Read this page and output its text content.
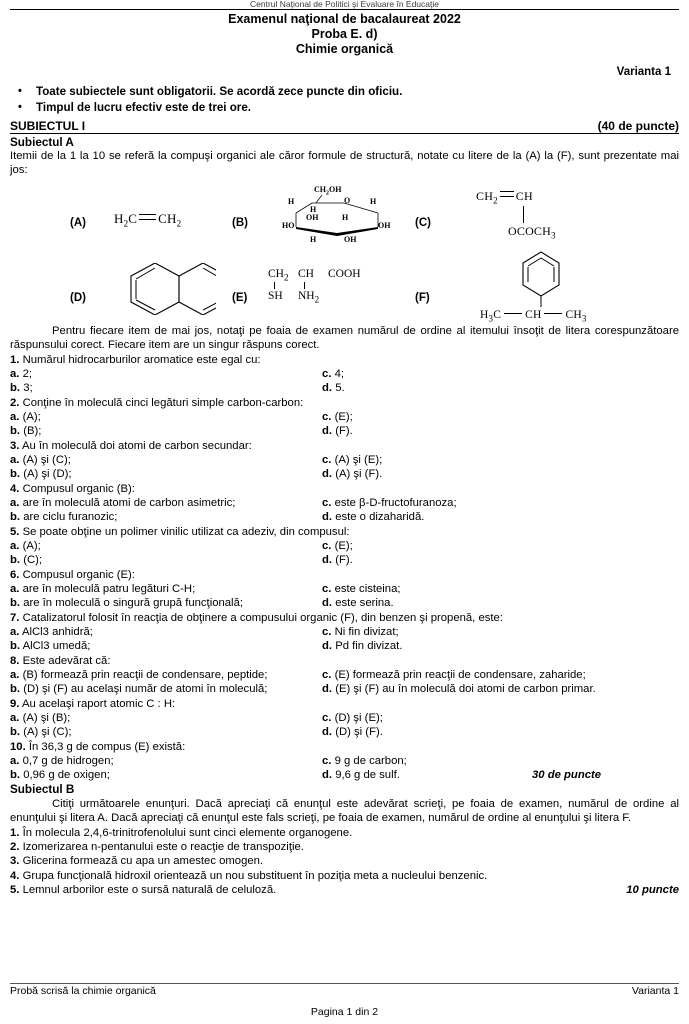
Centrul Naţional de Politici şi Evaluare în Educaţie
Examenul naţional de bacalaureat 2022
Proba E. d)
Chimie organică
Varianta 1
• Toate subiectele sunt obligatorii. Se acordă zece puncte din oficiu.
• Timpul de lucru efectiv este de trei ore.
SUBIECTUL I	(40 de puncte)
Subiectul A
Itemii de la 1 la 10 se referă la compuşi organici ale căror formule de structură, notate cu litere de la (A) la (F), sunt prezentate mai jos:
(A) $H_2C$ $CH_2$	(B)
$CH_2OH$
O
H	H
H
OH	H
HO	OH
H	OH
(C)
$CH_2$ CH
$OCOCH_3$
(D)	(E)
$CH_2$ CH COOH
SH $NH_2$	(F)
$H_3C$ CH $CH_3$
Pentru fiecare item de mai jos, notaţi pe foaia de examen numărul de ordine al itemului însoţit de litera corespunzătoare răspunsului corect. Fiecare item are un singur răspuns corect.
1. Numărul hidrocarburilor aromatice este egal cu:
a. 2;	c. 4;
b. 3;	d. 5.
2. Conţine în moleculă cinci legături simple carbon-carbon:
a. (A);	c. (E);
b. (B);	d. (F).
3. Au în moleculă doi atomi de carbon secundar:
a. (A) şi (C);	c. (A) şi (E);
b. (A) şi (D);	d. (A) şi (F).
4. Compusul organic (B):
a. are în moleculă atomi de carbon asimetric;	c. este β-D-fructofuranoza;
b. are ciclu furanozic;	d. este o dizaharidă.
5. Se poate obţine un polimer vinilic utilizat ca adeziv, din compusul:
a. (A);	c. (E);
b. (C);	d. (F).
6. Compusul organic (E):
a. are în moleculă patru legături C-H;	c. este cisteina;
b. are în moleculă o singură grupă funcţională;	d. este serina.
7. Catalizatorul folosit în reacţia de obţinere a compusului organic (F), din benzen şi propenă, este:
a. AlCl3 anhidră;	c. Ni fin divizat;
b. AlCl3 umedă;	d. Pd fin divizat.
8. Este adevărat că:
a. (B) formează prin reacţii de condensare, peptide;	c. (E) formează prin reacţii de condensare, zaharide;
b. (D) şi (F) au acelaşi număr de atomi în moleculă;	d. (E) şi (F) au în moleculă doi atomi de carbon primar.
9. Au acelaşi raport atomic C : H:
a. (A) şi (B);	c. (D) şi (E);
b. (A) şi (C);	d. (D) şi (F).
10. În 36,3 g de compus (E) există:
a. 0,7 g de hidrogen;	c. 9 g de carbon;
b. 0,96 g de oxigen;	d. 9,6 g de sulf.	30 de puncte
Subiectul B
Citiţi următoarele enunţuri. Dacă apreciaţi că enunţul este adevărat scrieţi, pe foaia de examen, numărul de ordine al enunţului şi litera A. Dacă apreciaţi că enunţul este fals scrieţi, pe foaia de examen, numărul de ordine al enunţului şi litera F.
1. În molecula 2,4,6-trinitrofenolului sunt cinci elemente organogene.
2. Izomerizarea n-pentanului este o reacţie de transpoziţie.
3. Glicerina formează cu apa un amestec omogen.
4. Grupa funcţională hidroxil orientează un nou substituent în poziţia meta a nucleului benzenic.
5. Lemnul arborilor este o sursă naturală de celuloză.	10 puncte
Probă scrisă la chimie organică	Varianta 1
Pagina 1 din 2
